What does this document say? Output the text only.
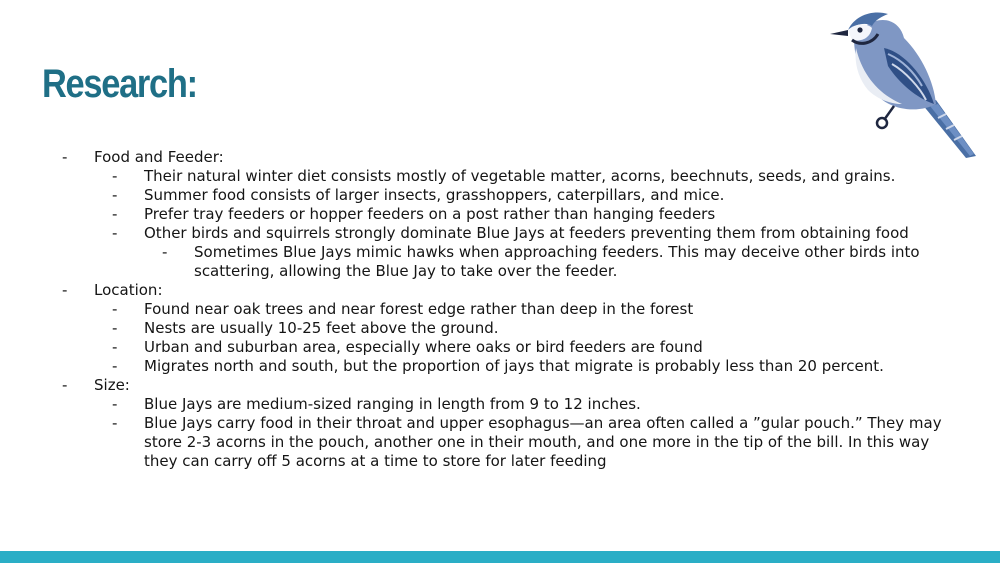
Research:
-	Food and Feeder:
-	Their natural winter diet consists mostly of vegetable matter, acorns, beechnuts, seeds, and grains.
-	Summer food consists of larger insects, grasshoppers, caterpillars, and mice.
-	Prefer tray feeders or hopper feeders on a post rather than hanging feeders
-	Other birds and squirrels strongly dominate Blue Jays at feeders preventing them from obtaining food
-	Sometimes Blue Jays mimic hawks when approaching feeders. This may deceive other birds into scattering, allowing the Blue Jay to take over the feeder.
-	Location:
-	Found near oak trees and near forest edge rather than deep in the forest
-	Nests are usually 10-25 feet above the ground.
-	Urban and suburban area, especially where oaks or bird feeders are found
-	Migrates north and south, but the proportion of jays that migrate is probably less than 20 percent.
-	Size:
-	Blue Jays are medium-sized ranging in length from 9 to 12 inches.
-	Blue Jays carry food in their throat and upper esophagus—an area often called a ”gular pouch.” They may store 2-3 acorns in the pouch, another one in their mouth, and one more in the tip of the bill. In this way they can carry off 5 acorns at a time to store for later feeding
